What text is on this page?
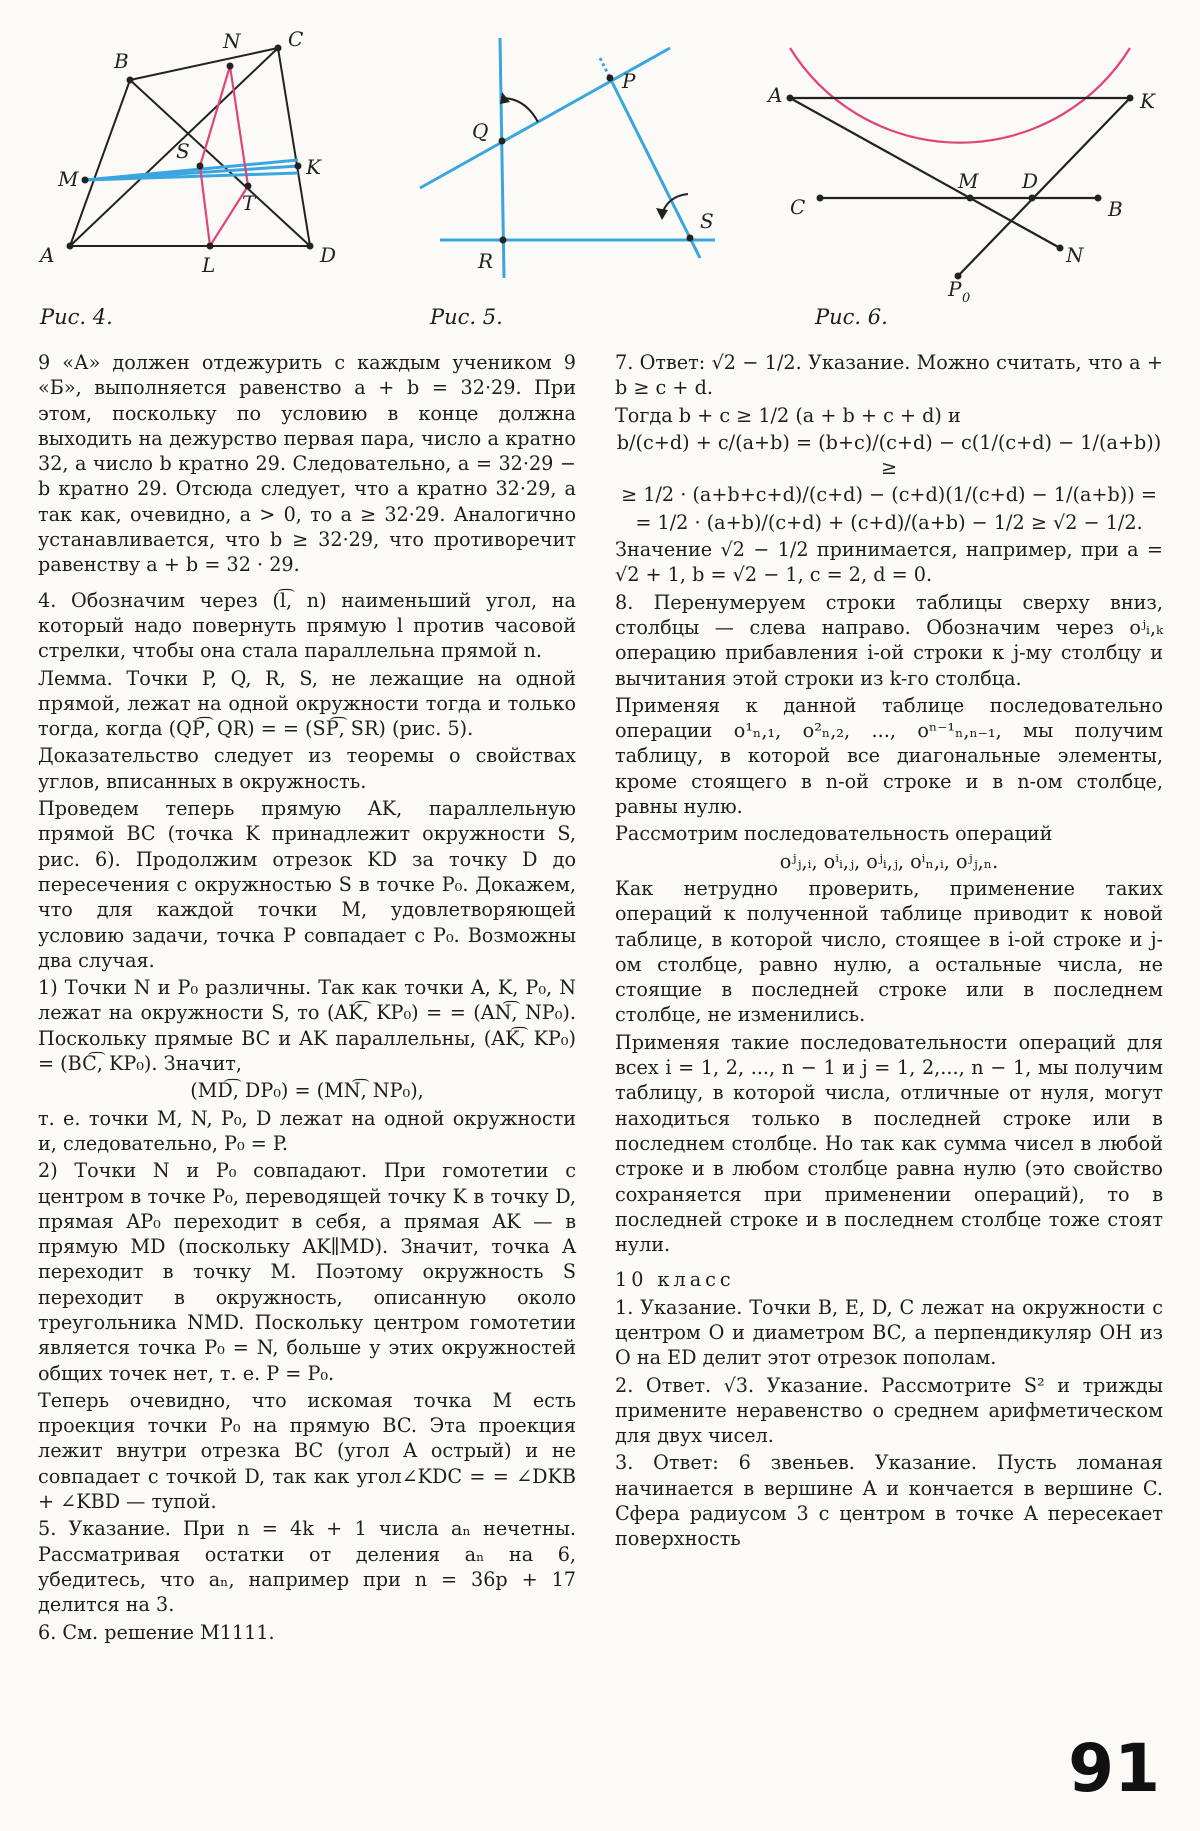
B
N C
M
S
K
T
A	L	D
Рис. 4.
P
Q
S
R
Рис. 5.
A	K
M D
C	B
N
P 0
Рис. 6.

9 «А» должен отдежурить с каждым учеником 9 «Б», выполняется равенство a + b = 32·29. При этом, поскольку по условию в конце должна выходить на дежурство первая пара, число a кратно 32, а число b кратно 29. Следовательно, a = 32·29 − b кратно 29. Отсюда следует, что a кратно 32·29, а так как, очевидно, a > 0, то a ≥ 32·29. Аналогично устанавливается, что b ≥ 32·29, что противоречит равенству a + b = 32 · 29.

4. Обозначим через (l͡, n) наименьший угол, на который надо повернуть прямую l против часовой стрелки, чтобы она стала параллельна прямой n.

Лемма. Точки P, Q, R, S, не лежащие на одной прямой, лежат на одной окружности тогда и только тогда, когда (QP͡, QR) = = (SP͡, SR) (рис. 5).

Доказательство следует из теоремы о свойствах углов, вписанных в окружность.

Проведем теперь прямую AK, параллельную прямой BC (точка K принадлежит окружности S, рис. 6). Продолжим отрезок KD за точку D до пересечения с окружностью S в точке P₀. Докажем, что для каждой точки M, удовлетворяющей условию задачи, точка P совпадает с P₀. Возможны два случая.

1) Точки N и P₀ различны. Так как точки A, K, P₀, N лежат на окружности S, то (AK͡, KP₀) = = (AN͡, NP₀). Поскольку прямые BC и AK параллельны, (AK͡, KP₀) = (BC͡, KP₀). Значит,

(MD͡, DP₀) = (MN͡, NP₀),

т. е. точки M, N, P₀, D лежат на одной окружности и, следовательно, P₀ = P.

2) Точки N и P₀ совпадают. При гомотетии с центром в точке P₀, переводящей точку K в точку D, прямая AP₀ переходит в себя, а прямая AK — в прямую MD (поскольку AK∥MD). Значит, точка A переходит в точку M. Поэтому окружность S переходит в окружность, описанную около треугольника NMD. Поскольку центром гомотетии является точка P₀ = N, больше у этих окружностей общих точек нет, т. е. P = P₀.

Теперь очевидно, что искомая точка M есть проекция точки P₀ на прямую BC. Эта проекция лежит внутри отрезка BC (угол A острый) и не совпадает с точкой D, так как угол∠KDC = = ∠DKB + ∠KBD — тупой.

5. Указание. При n = 4k + 1 числа aₙ нечетны. Рассматривая остатки от деления aₙ на 6, убедитесь, что aₙ, например при n = 36p + 17 делится на 3.

6. См. решение М1111.

7. Ответ: √2 − 1/2. Указание. Можно считать, что a + b ≥ c + d.

Тогда b + c ≥ 1/2 (a + b + c + d) и

b/(c+d) + c/(a+b) = (b+c)/(c+d) − c(1/(c+d) − 1/(a+b)) ≥

≥ 1/2 · (a+b+c+d)/(c+d) − (c+d)(1/(c+d) − 1/(a+b)) =

= 1/2 · (a+b)/(c+d) + (c+d)/(a+b) − 1/2 ≥ √2 − 1/2.

Значение √2 − 1/2 принимается, например, при a = √2 + 1, b = √2 − 1, c = 2, d = 0.

8. Перенумеруем строки таблицы сверху вниз, столбцы — слева направо. Обозначим через oʲᵢ,ₖ операцию прибавления i-ой строки к j-му столбцу и вычитания этой строки из k-го столбца.

Применяя к данной таблице последовательно операции o¹ₙ,₁, o²ₙ,₂, ..., oⁿ⁻¹ₙ,ₙ₋₁, мы получим таблицу, в которой все диагональные элементы, кроме стоящего в n-ой строке и в n-ом столбце, равны нулю.

Рассмотрим последовательность операций

oʲⱼ,ᵢ, oⁱᵢ,ⱼ, oʲᵢ,ⱼ, oⁱₙ,ᵢ, oʲⱼ,ₙ.

Как нетрудно проверить, применение таких операций к полученной таблице приводит к новой таблице, в которой число, стоящее в i-ой строке и j-ом столбце, равно нулю, а остальные числа, не стоящие в последней строке или в последнем столбце, не изменились.

Применяя такие последовательности операций для всех i = 1, 2, ..., n − 1 и j = 1, 2,..., n − 1, мы получим таблицу, в которой числа, отличные от нуля, могут находиться только в последней строке или в последнем столбце. Но так как сумма чисел в любой строке и в любом столбце равна нулю (это свойство сохраняется при применении операций), то в последней строке и в последнем столбце тоже стоят нули.

10 класс

1. Указание. Точки B, E, D, C лежат на окружности с центром O и диаметром BC, а перпендикуляр OH из O на ED делит этот отрезок пополам.

2. Ответ. √3. Указание. Рассмотрите S² и трижды примените неравенство о среднем арифметическом для двух чисел.

3. Ответ: 6 звеньев. Указание. Пусть ломаная начинается в вершине A и кончается в вершине C. Сфера радиусом 3 с центром в точке A пересекает поверхность

91
